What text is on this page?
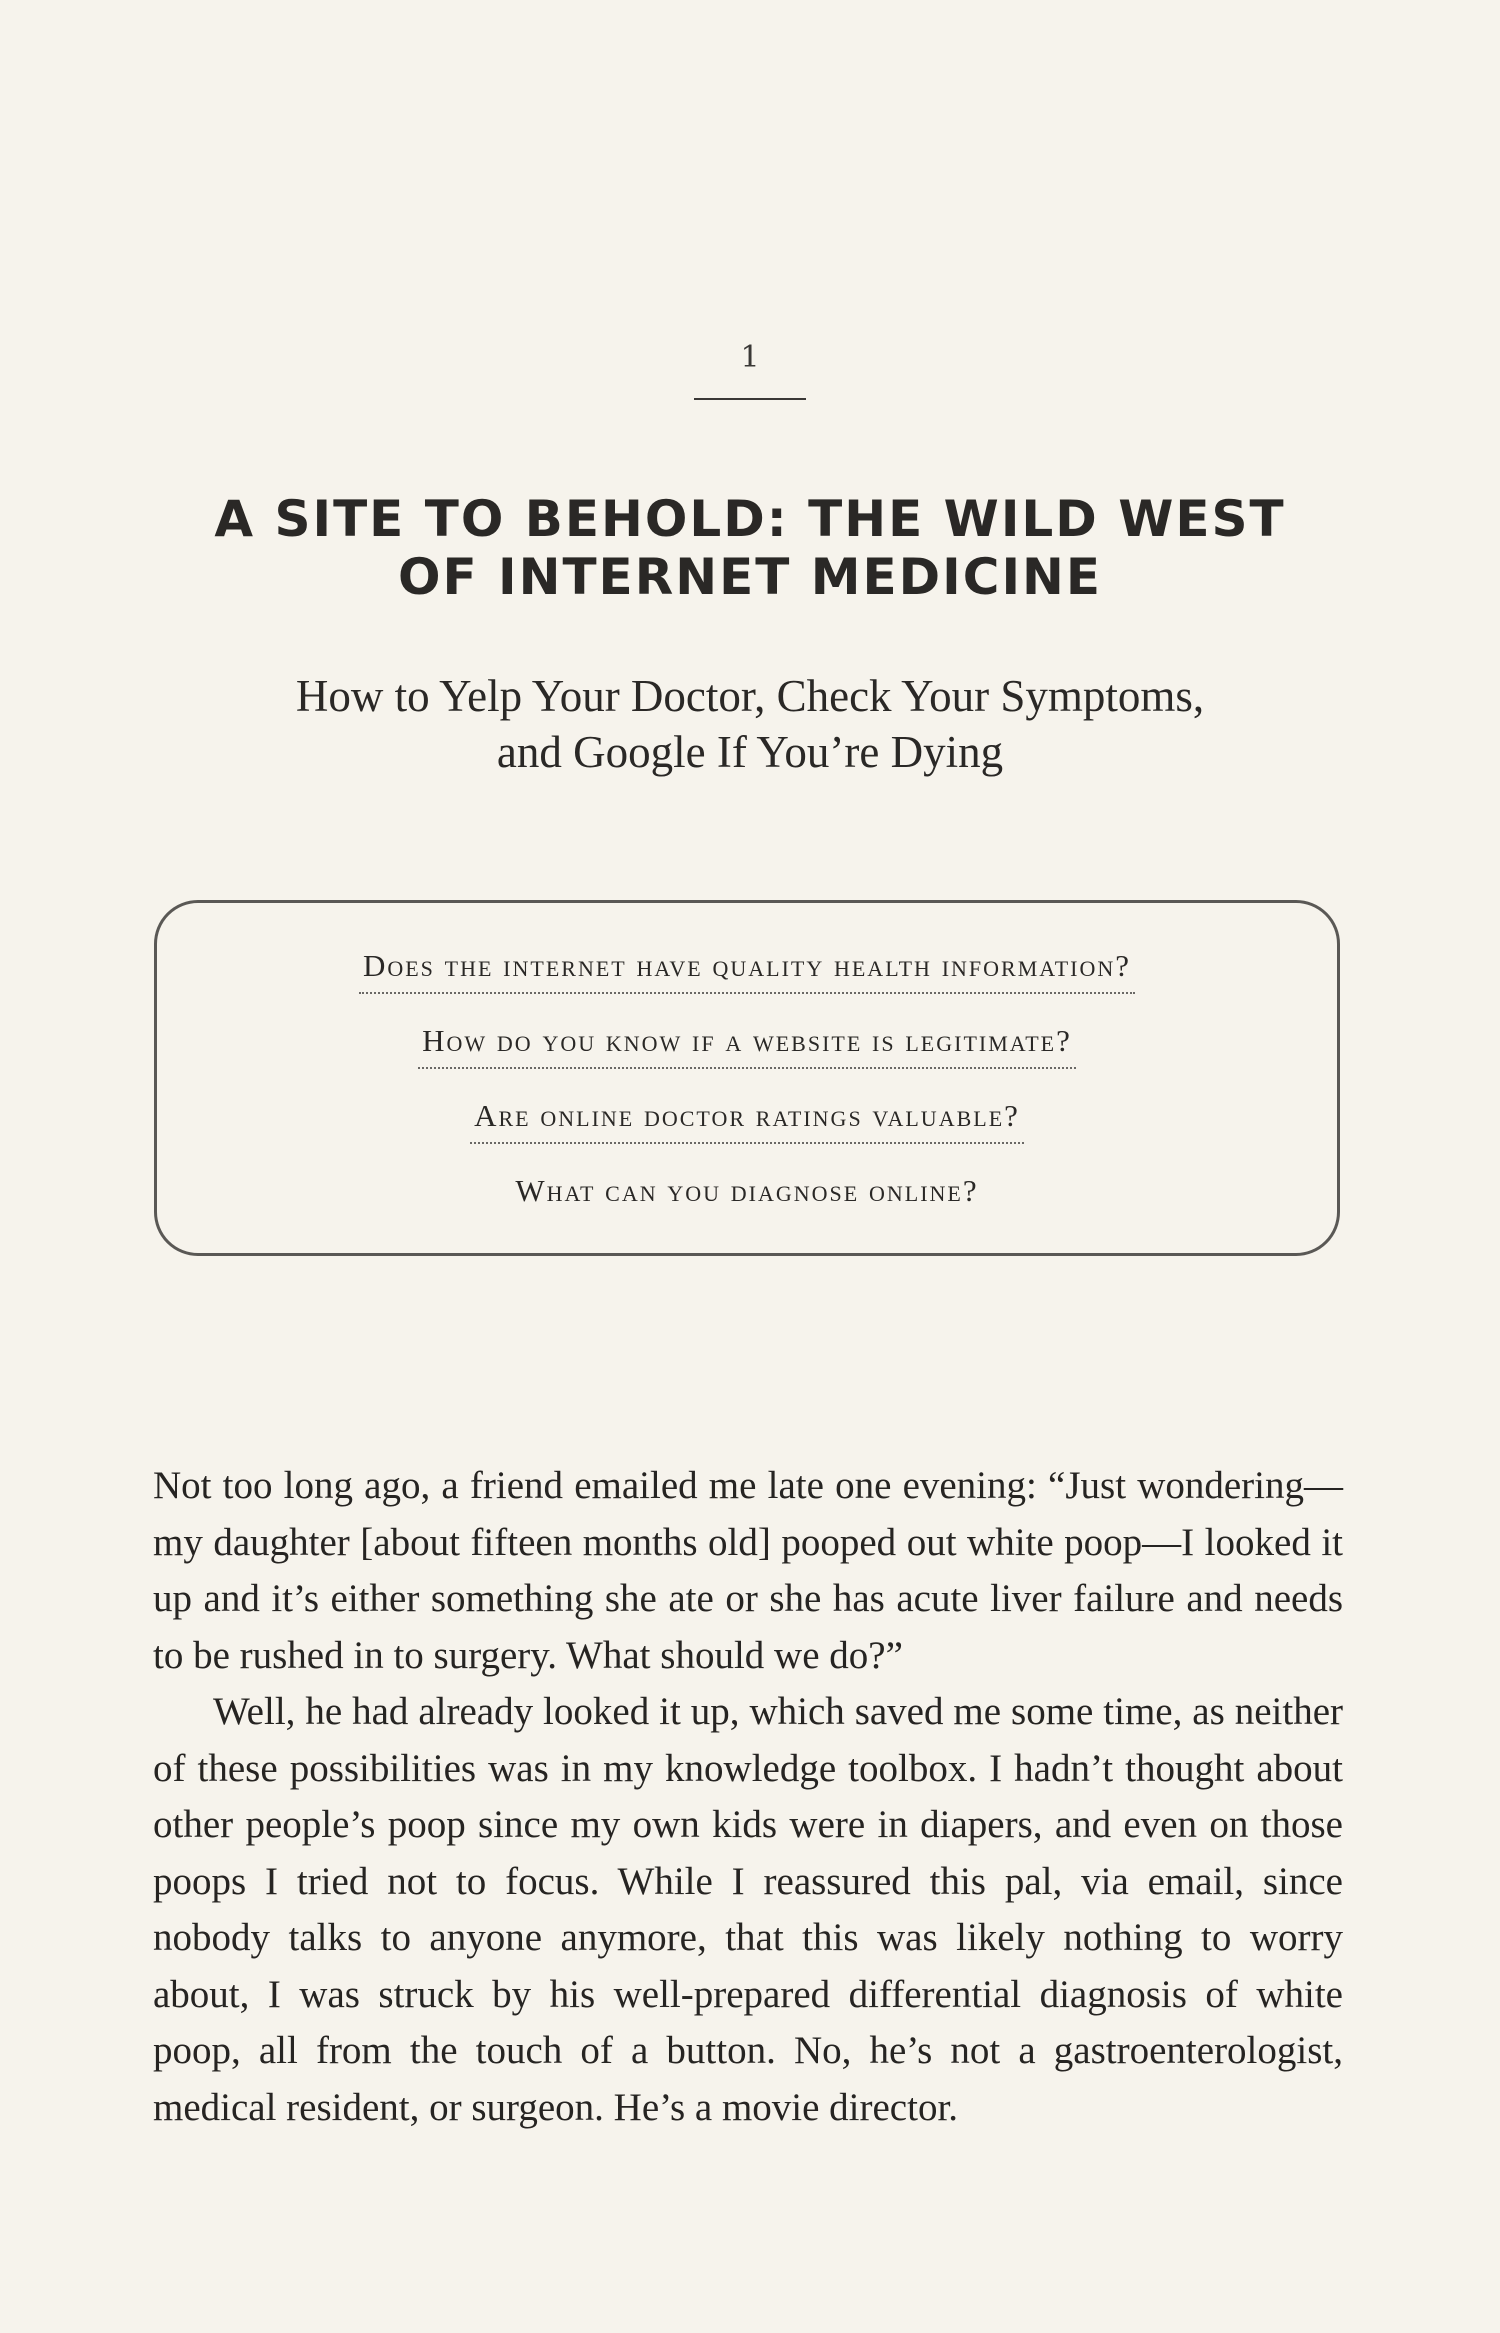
1
A SITE TO BEHOLD: THE WILD WEST
OF INTERNET MEDICINE
How to Yelp Your Doctor, Check Your Symptoms,
and Google If You’re Dying
Does the internet have quality health information?
How do you know if a website is legitimate?
Are online doctor ratings valuable?
What can you diagnose online?

Not too long ago, a friend emailed me late one evening: “Just wondering—my daughter [about fifteen months old] pooped out white poop—I looked it up and it’s either something she ate or she has acute liver failure and needs to be rushed in to surgery. What should we do?”

Well, he had already looked it up, which saved me some time, as neither of these possibilities was in my knowledge toolbox. I hadn’t thought about other people’s poop since my own kids were in diapers, and even on those poops I tried not to focus. While I reassured this pal, via email, since nobody talks to anyone anymore, that this was likely nothing to worry about, I was struck by his well-prepared differential diagnosis of white poop, all from the touch of a button. No, he’s not a gastroenterologist, medical resident, or surgeon. He’s a movie director.
